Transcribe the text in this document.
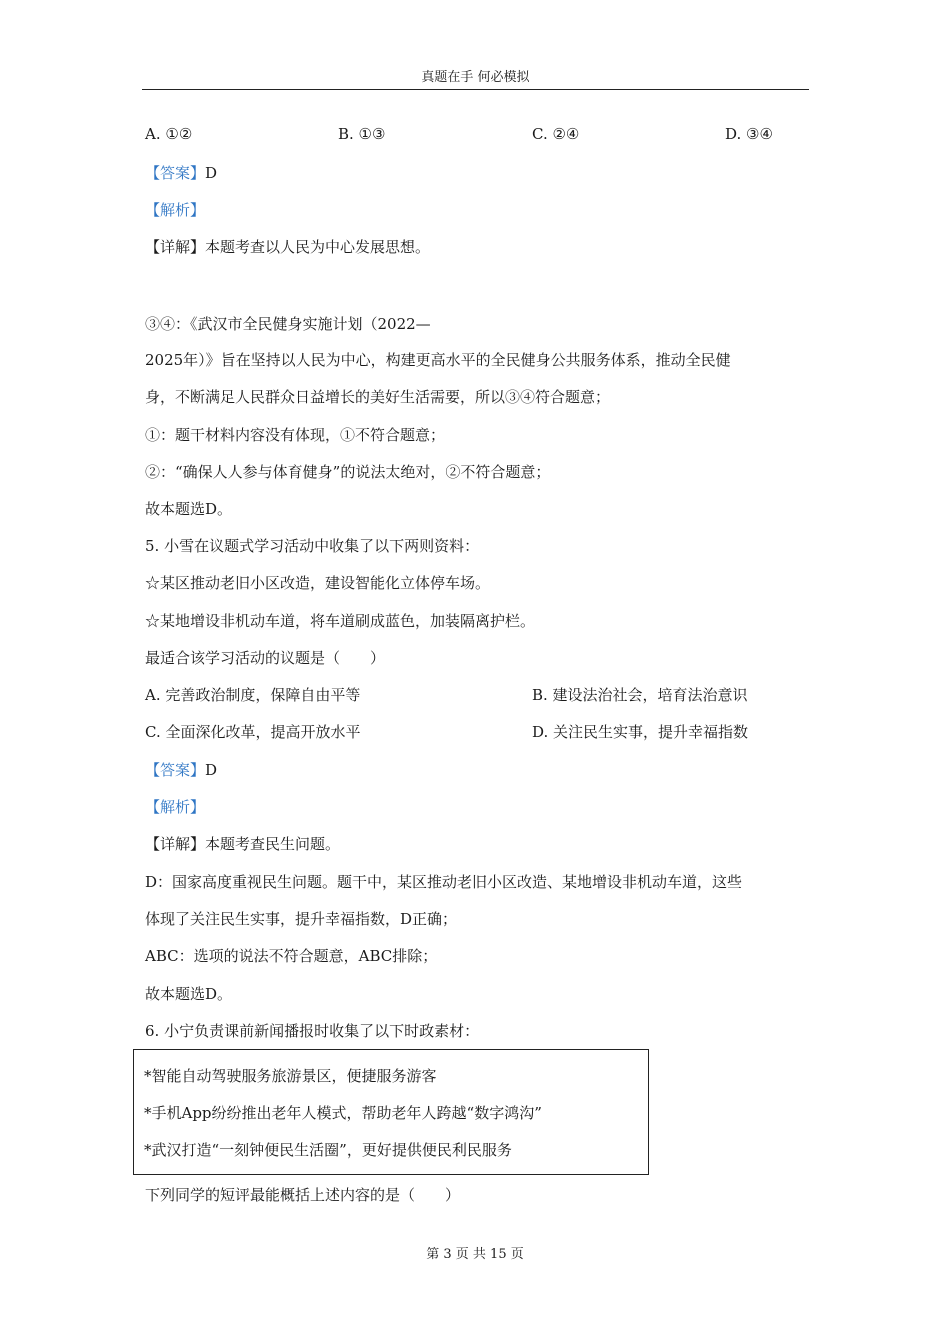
真题在手 何必模拟
A. ①②	B. ①③	C. ②④	D. ③④
【答案】D
【解析】
【详解】本题考查以人民为中心发展思想。
③④：《武汉市全民健身实施计划（2022—
2025年）》旨在坚持以人民为中心，构建更高水平的全民健身公共服务体系，推动全民健
身，不断满足人民群众日益增长的美好生活需要，所以③④符合题意；
①：题干材料内容没有体现，①不符合题意；
②：“确保人人参与体育健身”的说法太绝对，②不符合题意；
故本题选D。
5. 小雪在议题式学习活动中收集了以下两则资料：
☆某区推动老旧小区改造，建设智能化立体停车场。
☆某地增设非机动车道，将车道刷成蓝色，加装隔离护栏。
最适合该学习活动的议题是（　　）
A. 完善政治制度，保障自由平等	B. 建设法治社会，培育法治意识
C. 全面深化改革，提高开放水平	D. 关注民生实事，提升幸福指数
【答案】D
【解析】
【详解】本题考查民生问题。
D：国家高度重视民生问题。题干中，某区推动老旧小区改造、某地增设非机动车道，这些
体现了关注民生实事，提升幸福指数，D正确；
ABC：选项的说法不符合题意，ABC排除；
故本题选D。
6. 小宁负责课前新闻播报时收集了以下时政素材：
*智能自动驾驶服务旅游景区，便捷服务游客
*手机App纷纷推出老年人模式，帮助老年人跨越“数字鸿沟”
*武汉打造“一刻钟便民生活圈”，更好提供便民利民服务
下列同学的短评最能概括上述内容的是（　　）
第 3 页 共 15 页
